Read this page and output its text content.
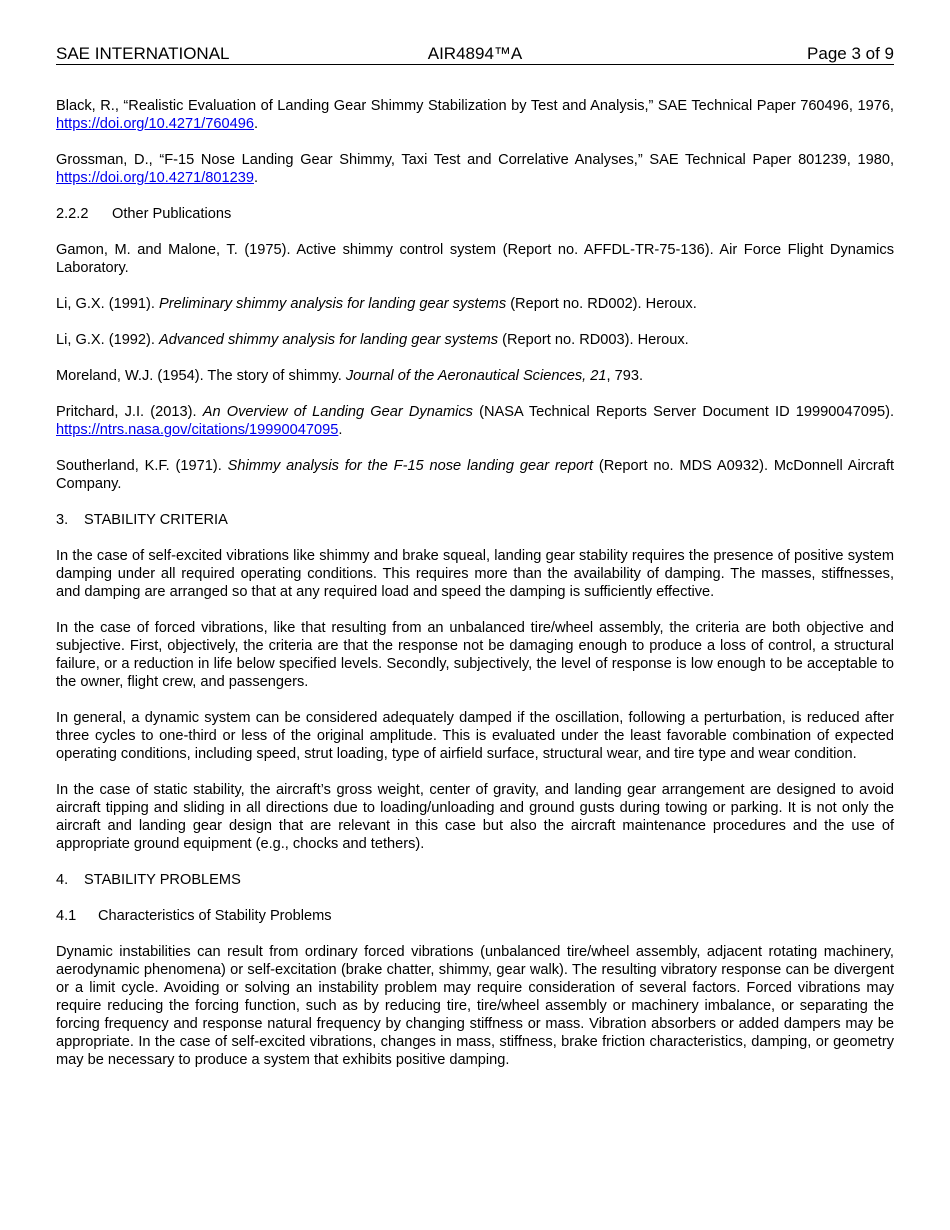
SAE INTERNATIONAL	AIR4894™A	Page 3 of 9

Black, R., “Realistic Evaluation of Landing Gear Shimmy Stabilization by Test and Analysis,” SAE Technical Paper 760496, 1976, https://doi.org/10.4271/760496.

Grossman, D., “F-15 Nose Landing Gear Shimmy, Taxi Test and Correlative Analyses,” SAE Technical Paper 801239, 1980, https://doi.org/10.4271/801239.

2.2.2 Other Publications

Gamon, M. and Malone, T. (1975). Active shimmy control system (Report no. AFFDL-TR-75-136). Air Force Flight Dynamics Laboratory.

Li, G.X. (1991). Preliminary shimmy analysis for landing gear systems (Report no. RD002). Heroux.

Li, G.X. (1992). Advanced shimmy analysis for landing gear systems (Report no. RD003). Heroux.

Moreland, W.J. (1954). The story of shimmy. Journal of the Aeronautical Sciences, 21, 793.

Pritchard, J.I. (2013). An Overview of Landing Gear Dynamics (NASA Technical Reports Server Document ID 19990047095). https://ntrs.nasa.gov/citations/19990047095.

Southerland, K.F. (1971). Shimmy analysis for the F-15 nose landing gear report (Report no. MDS A0932). McDonnell Aircraft Company.

3. STABILITY CRITERIA

In the case of self-excited vibrations like shimmy and brake squeal, landing gear stability requires the presence of positive system damping under all required operating conditions. This requires more than the availability of damping. The masses, stiffnesses, and damping are arranged so that at any required load and speed the damping is sufficiently effective.

In the case of forced vibrations, like that resulting from an unbalanced tire/wheel assembly, the criteria are both objective and subjective. First, objectively, the criteria are that the response not be damaging enough to produce a loss of control, a structural failure, or a reduction in life below specified levels. Secondly, subjectively, the level of response is low enough to be acceptable to the owner, flight crew, and passengers.

In general, a dynamic system can be considered adequately damped if the oscillation, following a perturbation, is reduced after three cycles to one-third or less of the original amplitude. This is evaluated under the least favorable combination of expected operating conditions, including speed, strut loading, type of airfield surface, structural wear, and tire type and wear condition.

In the case of static stability, the aircraft’s gross weight, center of gravity, and landing gear arrangement are designed to avoid aircraft tipping and sliding in all directions due to loading/unloading and ground gusts during towing or parking. It is not only the aircraft and landing gear design that are relevant in this case but also the aircraft maintenance procedures and the use of appropriate ground equipment (e.g., chocks and tethers).

4. STABILITY PROBLEMS
4.1 Characteristics of Stability Problems

Dynamic instabilities can result from ordinary forced vibrations (unbalanced tire/wheel assembly, adjacent rotating machinery, aerodynamic phenomena) or self-excitation (brake chatter, shimmy, gear walk). The resulting vibratory response can be divergent or a limit cycle. Avoiding or solving an instability problem may require consideration of several factors. Forced vibrations may require reducing the forcing function, such as by reducing tire, tire/wheel assembly or machinery imbalance, or separating the forcing frequency and response natural frequency by changing stiffness or mass. Vibration absorbers or added dampers may be appropriate. In the case of self-excited vibrations, changes in mass, stiffness, brake friction characteristics, damping, or geometry may be necessary to produce a system that exhibits positive damping.
